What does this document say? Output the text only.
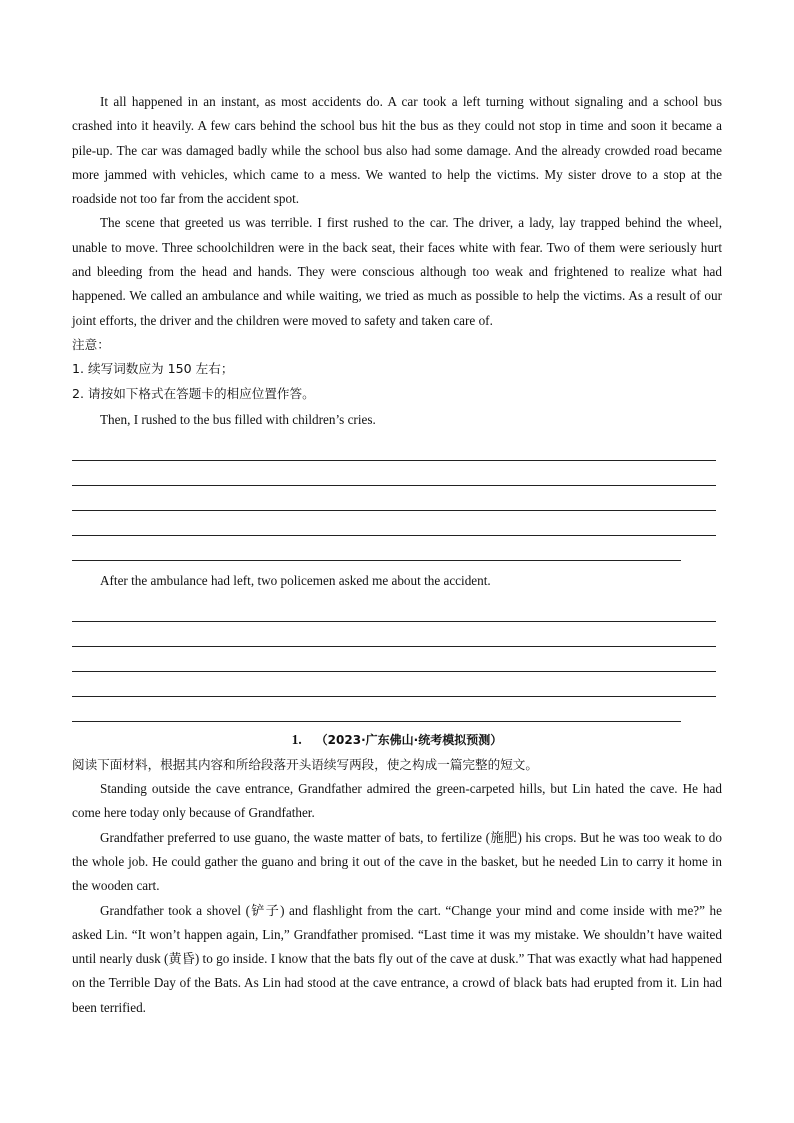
It all happened in an instant, as most accidents do. A car took a left turning without signaling and a school bus crashed into it heavily. A few cars behind the school bus hit the bus as they could not stop in time and soon it became a pile-up. The car was damaged badly while the school bus also had some damage. And the already crowded road became more jammed with vehicles, which came to a mess. We wanted to help the victims. My sister drove to a stop at the roadside not too far from the accident spot.

The scene that greeted us was terrible. I first rushed to the car. The driver, a lady, lay trapped behind the wheel, unable to move. Three schoolchildren were in the back seat, their faces white with fear. Two of them were seriously hurt and bleeding from the head and hands. They were conscious although too weak and frightened to realize what had happened. We called an ambulance and while waiting, we tried as much as possible to help the victims. As a result of our joint efforts, the driver and the children were moved to safety and taken care of.

注意：

1. 续写词数应为 150 左右；

2. 请按如下格式在答题卡的相应位置作答。

Then, I rushed to the bus filled with children’s cries.

After the ambulance had left, two policemen asked me about the accident.

1. （2023·广东佛山·统考模拟预测）

阅读下面材料，根据其内容和所给段落开头语续写两段，使之构成一篇完整的短文。

Standing outside the cave entrance, Grandfather admired the green-carpeted hills, but Lin hated the cave. He had come here today only because of Grandfather.

Grandfather preferred to use guano, the waste matter of bats, to fertilize (施肥) his crops. But he was too weak to do the whole job. He could gather the guano and bring it out of the cave in the basket, but he needed Lin to carry it home in the wooden cart.

Grandfather took a shovel (铲子) and flashlight from the cart. “Change your mind and come inside with me?” he asked Lin. “It won’t happen again, Lin,” Grandfather promised. “Last time it was my mistake. We shouldn’t have waited until nearly dusk (黄昏) to go inside. I know that the bats fly out of the cave at dusk.” That was exactly what had happened on the Terrible Day of the Bats. As Lin had stood at the cave entrance, a crowd of black bats had erupted from it. Lin had been terrified.
